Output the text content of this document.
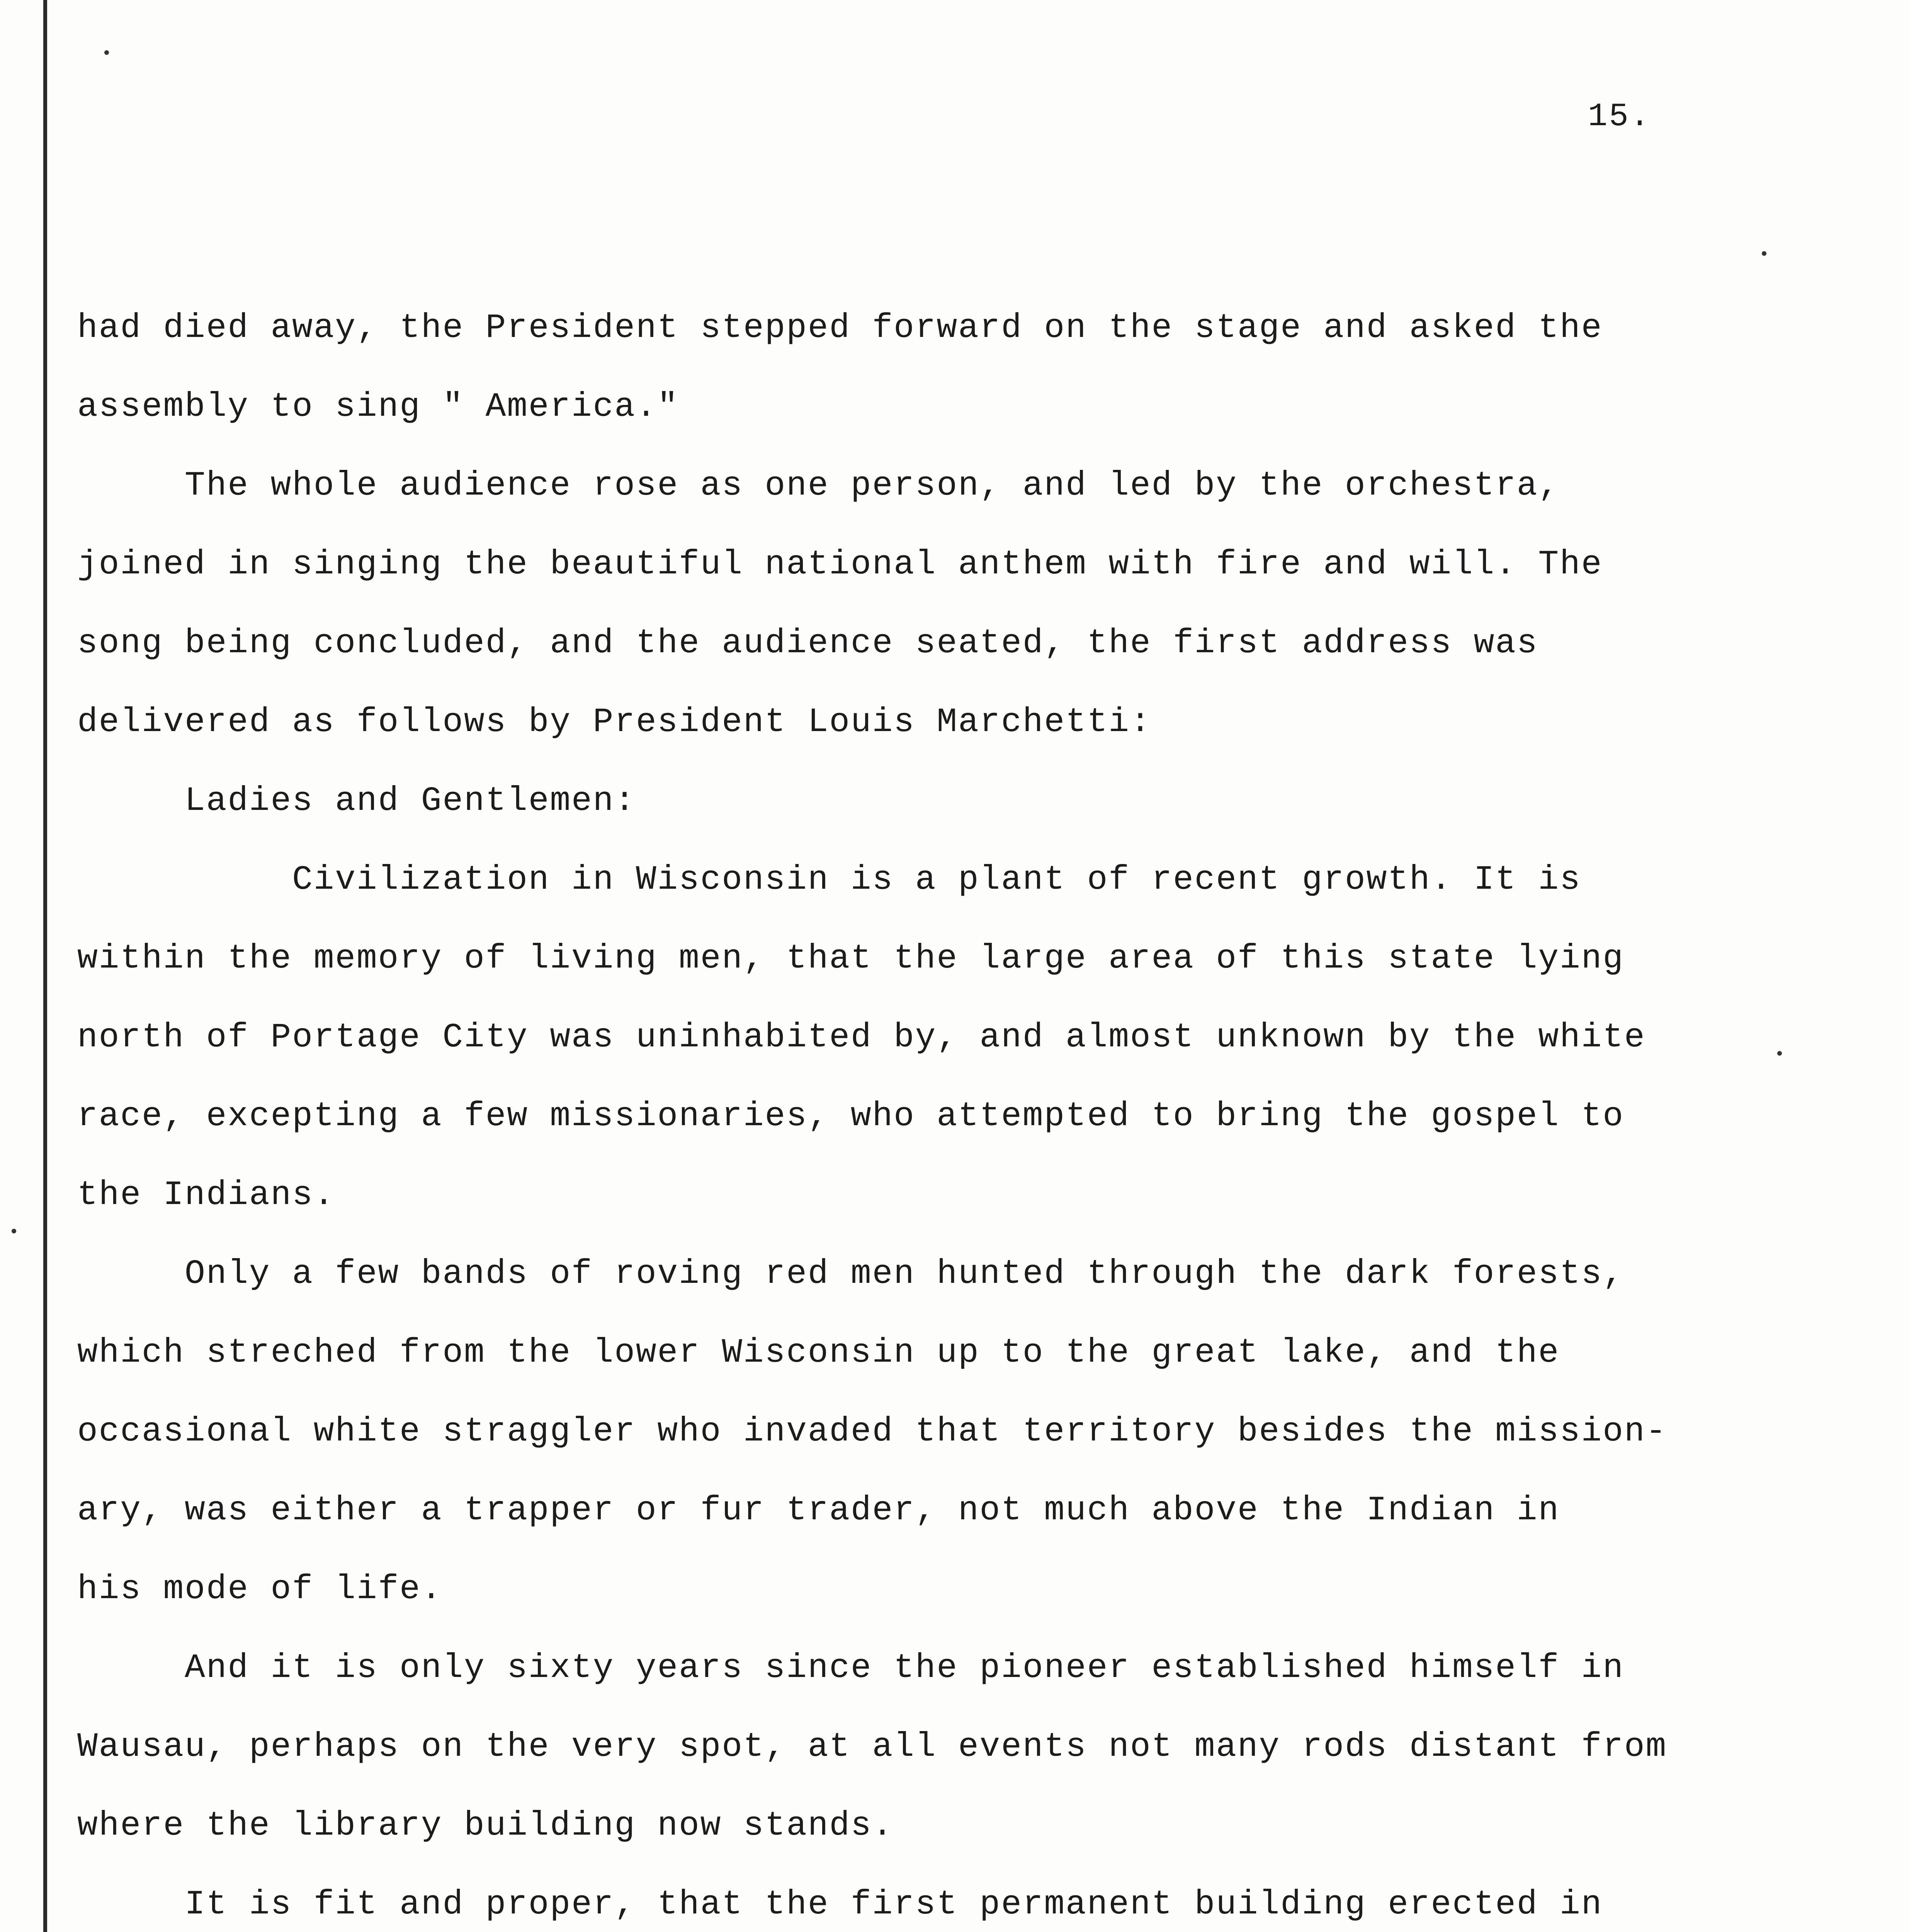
15.
had died away, the President stepped forward on the stage and asked the
assembly to sing " America."
The whole audience rose as one person, and led by the orchestra,
joined in singing the beautiful national anthem with fire and will. The
song being concluded, and the audience seated, the first address was
delivered as follows by President Louis Marchetti:
Ladies and Gentlemen:
Civilization in Wisconsin is a plant of recent growth. It is
within the memory of living men, that the large area of this state lying
north of Portage City was uninhabited by, and almost unknown by the white
race, excepting a few missionaries, who attempted to bring the gospel to
the Indians.
Only a few bands of roving red men hunted through the dark forests,
which streched from the lower Wisconsin up to the great lake, and the
occasional white straggler who invaded that territory besides the mission-
ary, was either a trapper or fur trader, not much above the Indian in
his mode of life.
And it is only sixty years since the pioneer established himself in
Wausau, perhaps on the very spot, at all events not many rods distant from
where the library building now stands.
It is fit and proper, that the first permanent building erected in
